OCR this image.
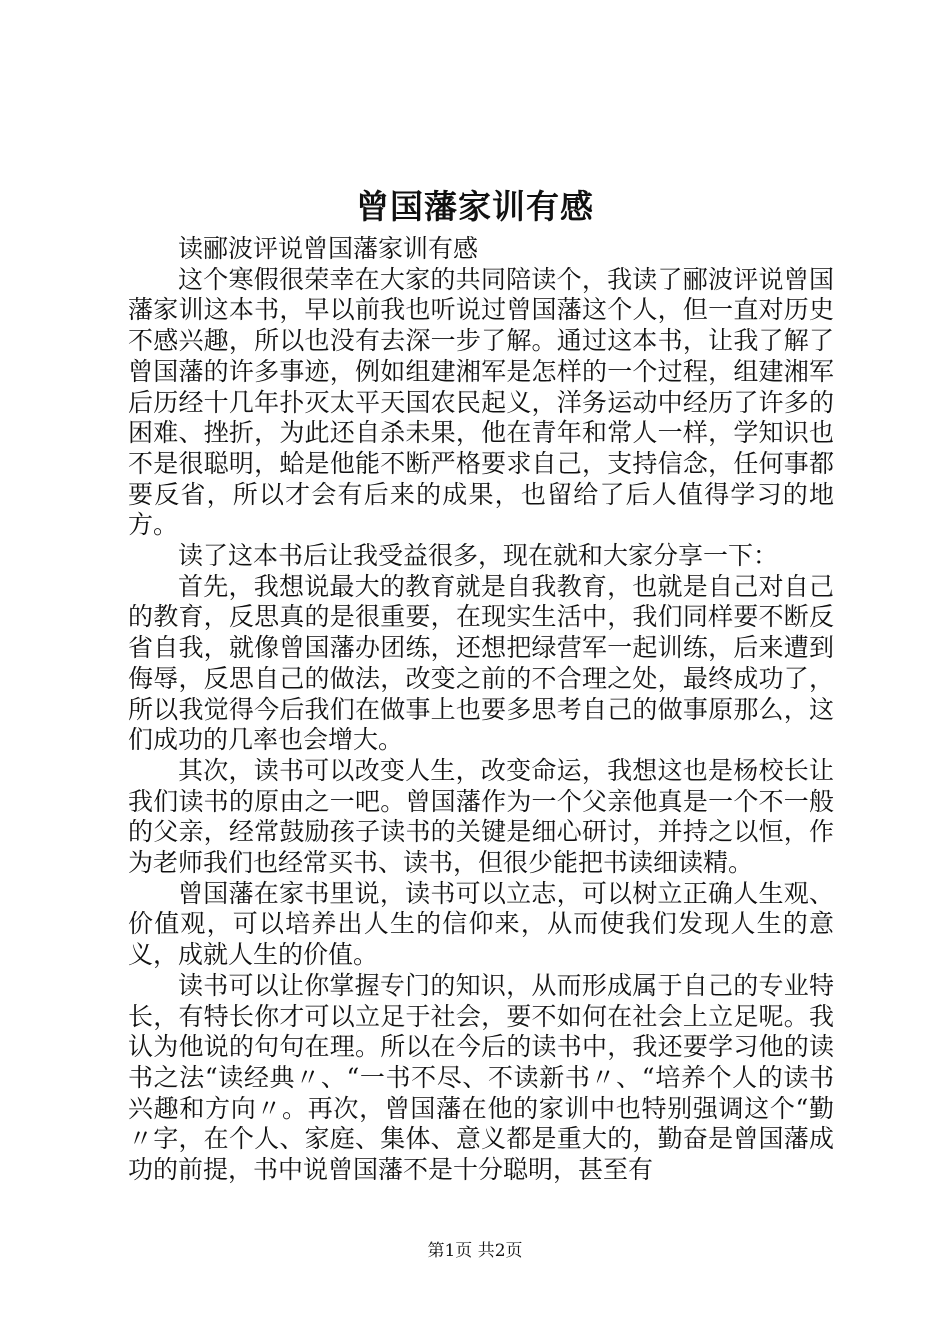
曾国藩家训有感

读郦波评说曾国藩家训有感

这个寒假很荣幸在大家的共同陪读个，我读了郦波评说曾国藩家训这本书，早以前我也听说过曾国藩这个人，但一直对历史不感兴趣，所以也没有去深一步了解。通过这本书，让我了解了曾国藩的许多事迹，例如组建湘军是怎样的一个过程，组建湘军后历经十几年扑灭太平天国农民起义，洋务运动中经历了许多的困难、挫折，为此还自杀未果，他在青年和常人一样，学知识也不是很聪明，蛤是他能不断严格要求自己，支持信念，任何事都要反省，所以才会有后来的成果，也留给了后人值得学习的地方。

读了这本书后让我受益很多，现在就和大家分享一下：

首先，我想说最大的教育就是自我教育，也就是自己对自己的教育，反思真的是很重要，在现实生活中，我们同样要不断反省自我，就像曾国藩办团练，还想把绿营军一起训练，后来遭到侮辱，反思自己的做法，改变之前的不合理之处，最终成功了，所以我觉得今后我们在做事上也要多思考自己的做事原那么，这们成功的几率也会增大。

其次，读书可以改变人生，改变命运，我想这也是杨校长让我们读书的原由之一吧。曾国藩作为一个父亲他真是一个不一般的父亲，经常鼓励孩子读书的关键是细心研讨，并持之以恒，作为老师我们也经常买书、读书，但很少能把书读细读精。

曾国藩在家书里说，读书可以立志，可以树立正确人生观、价值观，可以培养出人生的信仰来，从而使我们发现人生的意义，成就人生的价值。

读书可以让你掌握专门的知识，从而形成属于自己的专业特长，有特长你才可以立足于社会，要不如何在社会上立足呢。我认为他说的句句在理。所以在今后的读书中，我还要学习他的读书之法“读经典〃、“一书不尽、不读新书〃、“培养个人的读书兴趣和方向〃。再次，曾国藩在他的家训中也特别强调这个“勤〃字，在个人、家庭、集体、意义都是重大的，勤奋是曾国藩成功的前提，书中说曾国藩不是十分聪明，甚至有

第1页 共2页
